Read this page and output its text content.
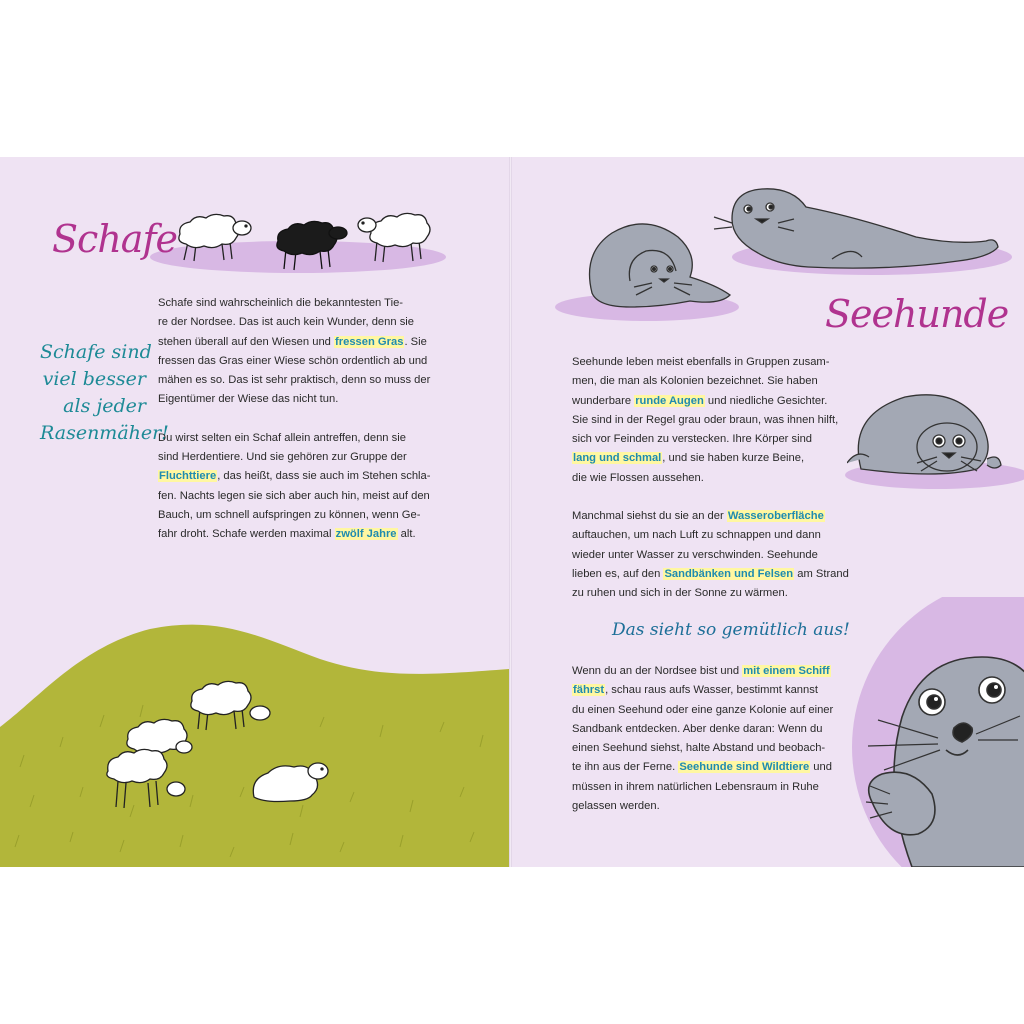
Schafe
Schafe sind
viel besser
als jeder
Rasenmäher!

Schafe sind wahrscheinlich die bekanntesten Tie-
re der Nordsee. Das ist auch kein Wunder, denn sie
stehen überall auf den Wiesen und fressen Gras. Sie
fressen das Gras einer Wiese schön ordentlich ab und
mähen es so. Das ist sehr praktisch, denn so muss der
Eigentümer der Wiese das nicht tun.

Du wirst selten ein Schaf allein antreffen, denn sie
sind Herdentiere. Und sie gehören zur Gruppe der
Fluchttiere, das heißt, dass sie auch im Stehen schla-
fen. Nachts legen sie sich aber auch hin, meist auf den
Bauch, um schnell aufspringen zu können, wenn Ge-
fahr droht. Schafe werden maximal zwölf Jahre alt.

Seehunde

Seehunde leben meist ebenfalls in Gruppen zusam-
men, die man als Kolonien bezeichnet. Sie haben
wunderbare runde Augen und niedliche Gesichter.
Sie sind in der Regel grau oder braun, was ihnen hilft,
sich vor Feinden zu verstecken. Ihre Körper sind
lang und schmal, und sie haben kurze Beine,
die wie Flossen aussehen.

Manchmal siehst du sie an der Wasseroberfläche
auftauchen, um nach Luft zu schnappen und dann
wieder unter Wasser zu verschwinden. Seehunde
lieben es, auf den Sandbänken und Felsen am Strand
zu ruhen und sich in der Sonne zu wärmen.

Das sieht so gemütlich aus!

Wenn du an der Nordsee bist und mit einem Schiff
fährst, schau raus aufs Wasser, bestimmt kannst
du einen Seehund oder eine ganze Kolonie auf einer
Sandbank entdecken. Aber denke daran: Wenn du
einen Seehund siehst, halte Abstand und beobach-
te ihn aus der Ferne. Seehunde sind Wildtiere und
müssen in ihrem natürlichen Lebensraum in Ruhe
gelassen werden.
